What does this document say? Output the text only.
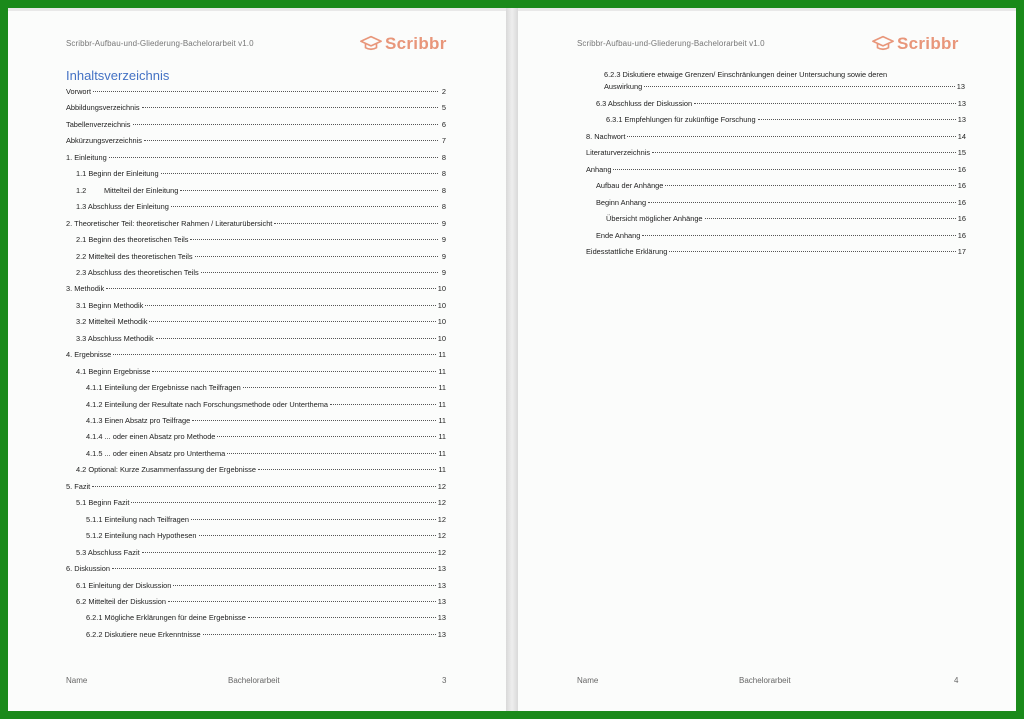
Scribbr-Aufbau-und-Gliederung-Bachelorarbeit v1.0	Scribbr
Inhaltsverzeichnis
Vorwort	2
Abbildungsverzeichnis	5
Tabellenverzeichnis	6
Abkürzungsverzeichnis	7
1. Einleitung	8
1.1 Beginn der Einleitung	8
1.2 Mittelteil der Einleitung	8
1.3 Abschluss der Einleitung	8
2. Theoretischer Teil: theoretischer Rahmen / Literaturübersicht	9
2.1 Beginn des theoretischen Teils	9
2.2 Mittelteil des theoretischen Teils	9
2.3 Abschluss des theoretischen Teils	9
3. Methodik	10
3.1 Beginn Methodik	10
3.2 Mittelteil Methodik	10
3.3 Abschluss Methodik	10
4. Ergebnisse	11
4.1 Beginn Ergebnisse	11
4.1.1 Einteilung der Ergebnisse nach Teilfragen	11
4.1.2 Einteilung der Resultate nach Forschungsmethode oder Unterthema	11
4.1.3 Einen Absatz pro Teilfrage	11
4.1.4 ... oder einen Absatz pro Methode	11
4.1.5 ... oder einen Absatz pro Unterthema	11
4.2 Optional: Kurze Zusammenfassung der Ergebnisse	11
5. Fazit	12
5.1 Beginn Fazit	12
5.1.1 Einteilung nach Teilfragen	12
5.1.2 Einteilung nach Hypothesen	12
5.3 Abschluss Fazit	12
6. Diskussion	13
6.1 Einleitung der Diskussion	13
6.2 Mittelteil der Diskussion	13
6.2.1 Mögliche Erklärungen für deine Ergebnisse	13
6.2.2 Diskutiere neue Erkenntnisse	13
Name	Bachelorarbeit	3
Scribbr-Aufbau-und-Gliederung-Bachelorarbeit v1.0	Scribbr
6.2.3 Diskutiere etwaige Grenzen/ Einschränkungen deiner Untersuchung sowie deren
Auswirkung	13
6.3 Abschluss der Diskussion	13
6.3.1 Empfehlungen für zukünftige Forschung	13
8. Nachwort	14
Literaturverzeichnis	15
Anhang	16
Aufbau der Anhänge	16
Beginn Anhang	16
Übersicht möglicher Anhänge	16
Ende Anhang	16
Eidesstattliche Erklärung	17
Name	Bachelorarbeit	4
